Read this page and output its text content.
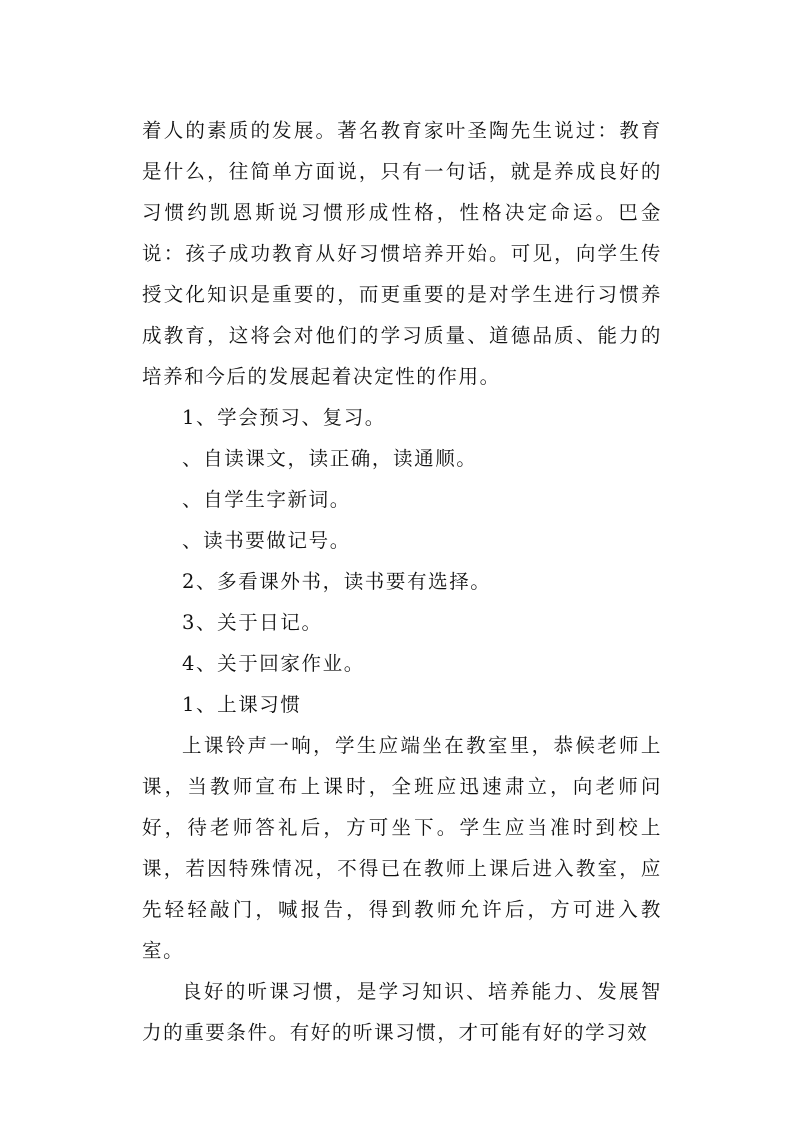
着人的素质的发展。著名教育家叶圣陶先生说过：教育是什么，往简单方面说，只有一句话，就是养成良好的习惯约凯恩斯说习惯形成性格，性格决定命运。巴金说：孩子成功教育从好习惯培养开始。可见，向学生传授文化知识是重要的，而更重要的是对学生进行习惯养成教育，这将会对他们的学习质量、道德品质、能力的培养和今后的发展起着决定性的作用。

1、学会预习、复习。

、自读课文，读正确，读通顺。

、自学生字新词。

、读书要做记号。

2、多看课外书，读书要有选择。

3、关于日记。

4、关于回家作业。

1、上课习惯

上课铃声一响，学生应端坐在教室里，恭候老师上课，当教师宣布上课时，全班应迅速肃立，向老师问好，待老师答礼后，方可坐下。学生应当准时到校上课，若因特殊情况，不得已在教师上课后进入教室，应先轻轻敲门，喊报告，得到教师允许后，方可进入教室。

良好的听课习惯，是学习知识、培养能力、发展智力的重要条件。有好的听课习惯，才可能有好的学习效
